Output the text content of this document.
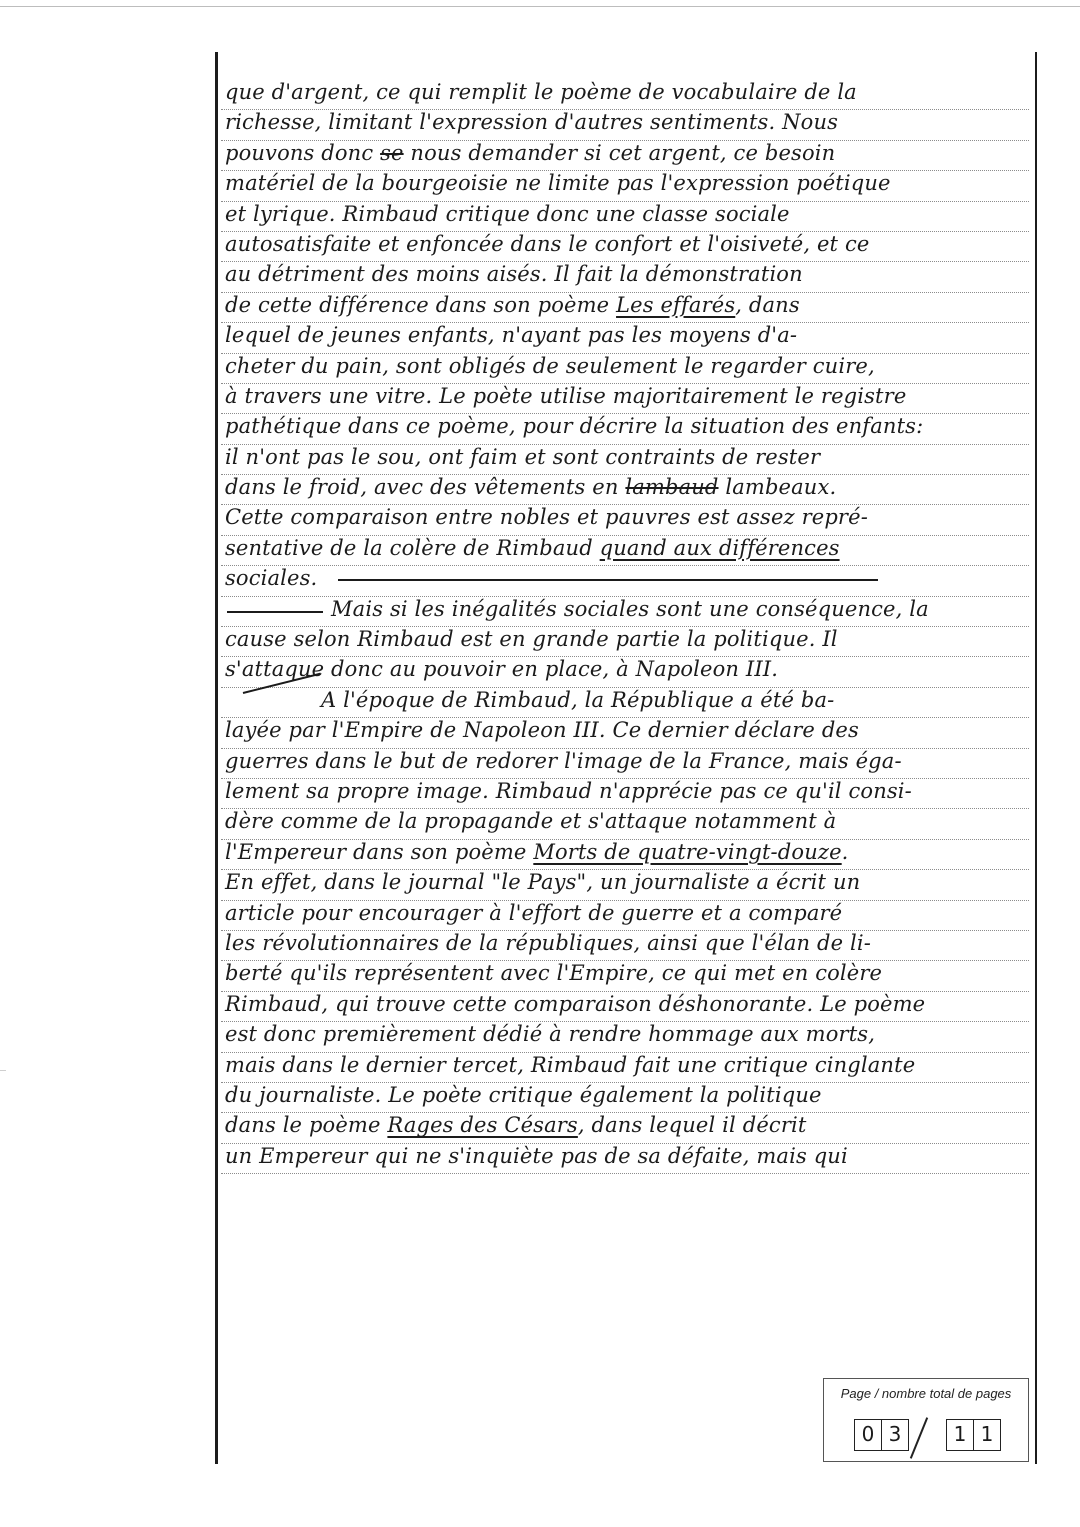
que d'argent, ce qui remplit le poème de vocabulaire de la
richesse, limitant l'expression d'autres sentiments. Nous
pouvons donc se nous demander si cet argent, ce besoin
matériel de la bourgeoisie ne limite pas l'expression poétique
et lyrique. Rimbaud critique donc une classe sociale
autosatisfaite et enfoncée dans le confort et l'oisiveté, et ce
au détriment des moins aisés. Il fait la démonstration
de cette différence dans son poème Les effarés, dans
lequel de jeunes enfants, n'ayant pas les moyens d'a-
cheter du pain, sont obligés de seulement le regarder cuire,
à travers une vitre. Le poète utilise majoritairement le registre
pathétique dans ce poème, pour décrire la situation des enfants:
il n'ont pas le sou, ont faim et sont contraints de rester
dans le froid, avec des vêtements en lambaud lambeaux.
Cette comparaison entre nobles et pauvres est assez repré-
sentative de la colère de Rimbaud quand aux différences
sociales.
Mais si les inégalités sociales sont une conséquence, la
cause selon Rimbaud est en grande partie la politique. Il
s'attaque donc au pouvoir en place, à Napoleon III.
A l'époque de Rimbaud, la République a été ba-
layée par l'Empire de Napoleon III. Ce dernier déclare des
guerres dans le but de redorer l'image de la France, mais éga-
lement sa propre image. Rimbaud n'apprécie pas ce qu'il consi-
dère comme de la propagande et s'attaque notamment à
l'Empereur dans son poème Morts de quatre-vingt-douze.
En effet, dans le journal "le Pays", un journaliste a écrit un
article pour encourager à l'effort de guerre et a comparé
les révolutionnaires de la républiques, ainsi que l'élan de li-
berté qu'ils représentent avec l'Empire, ce qui met en colère
Rimbaud, qui trouve cette comparaison déshonorante. Le poème
est donc premièrement dédié à rendre hommage aux morts,
mais dans le dernier tercet, Rimbaud fait une critique cinglante
du journaliste. Le poète critique également la politique
dans le poème Rages des Césars, dans lequel il décrit
un Empereur qui ne s'inquiète pas de sa défaite, mais qui
Page / nombre total de pages
0 3	1 1
